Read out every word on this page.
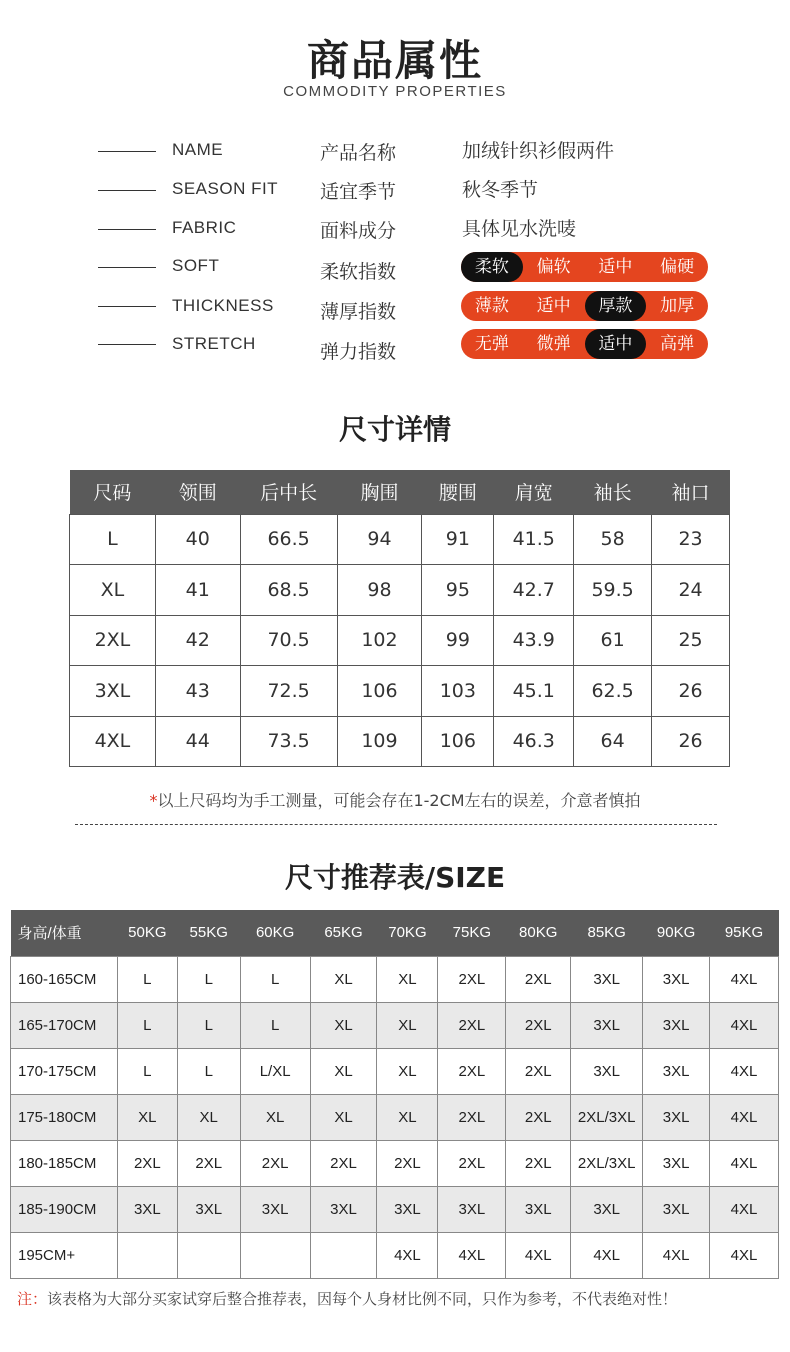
商品属性
COMMODITY PROPERTIES
NAME	产品名称	加绒针织衫假两件
SEASON FIT 适宜季节	秋冬季节
FABRIC	面料成分	具体见水洗唛
SOFT	柔软指数	柔软	偏软	适中	偏硬
THICKNESS 薄厚指数	薄款	适中	厚款	加厚
STRETCH	弹力指数	无弹	微弹	适中	高弹
尺寸详情
尺码	领围	后中长	胸围	腰围	肩宽	袖长	袖口
L	40	66.5	94	91	41.5	58	23
XL	41	68.5	98	95	42.7	59.5	24
2XL	42	70.5	102	99	43.9	61	25
3XL	43	72.5	106	103	45.1	62.5	26
4XL	44	73.5	109	106	46.3	64	26
*以上尺码均为手工测量，可能会存在1-2CM左右的误差，介意者慎拍
尺寸推荐表/SIZE
身高/体重	50KG	55KG	60KG	65KG	70KG	75KG	80KG	85KG	90KG	95KG
160-165CM	L	L	L	XL	XL	2XL	2XL	3XL	3XL	4XL
165-170CM	L	L	L	XL	XL	2XL	2XL	3XL	3XL	4XL
170-175CM	L	L	L/XL	XL	XL	2XL	2XL	3XL	3XL	4XL
175-180CM	XL	XL	XL	XL	XL	2XL	2XL	2XL/3XL	3XL	4XL
180-185CM	2XL	2XL	2XL	2XL	2XL	2XL	2XL	2XL/3XL	3XL	4XL
185-190CM	3XL	3XL	3XL	3XL	3XL	3XL	3XL	3XL	3XL	4XL
195CM+					4XL	4XL	4XL	4XL	4XL	4XL
注：该表格为大部分买家试穿后整合推荐表，因每个人身材比例不同，只作为参考，不代表绝对性！
